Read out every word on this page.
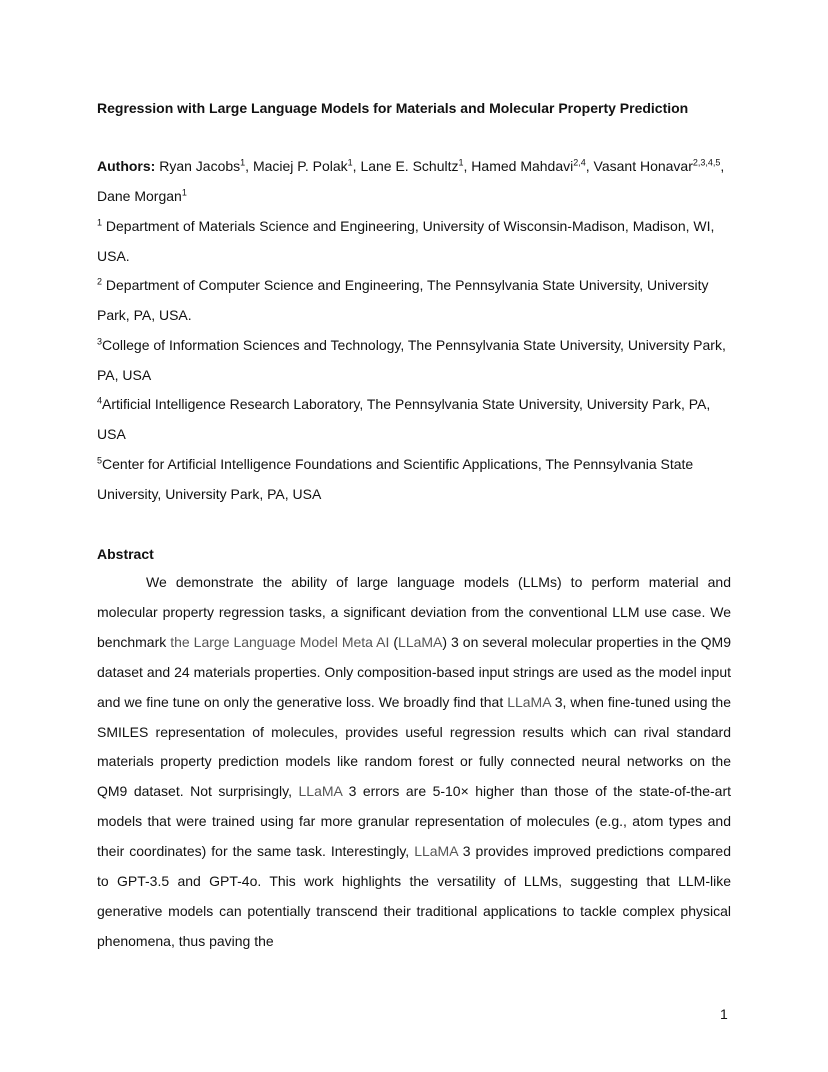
Regression with Large Language Models for Materials and Molecular Property Prediction
Authors: Ryan Jacobs$^1$, Maciej P. Polak$^1$, Lane E. Schultz$^1$, Hamed Mahdavi$^{2,4}$, Vasant Honavar$^{2,3,4,5}$, Dane Morgan$^1$
$^1$ Department of Materials Science and Engineering, University of Wisconsin-Madison, Madison, WI, USA.
$^2$ Department of Computer Science and Engineering, The Pennsylvania State University, University Park, PA, USA.
$^3$College of Information Sciences and Technology, The Pennsylvania State University, University Park, PA, USA
$^4$Artificial Intelligence Research Laboratory, The Pennsylvania State University, University Park, PA, USA
$^5$Center for Artificial Intelligence Foundations and Scientific Applications, The Pennsylvania State University, University Park, PA, USA
Abstract
We demonstrate the ability of large language models (LLMs) to perform material and molecular property regression tasks, a significant deviation from the conventional LLM use case. We benchmark the Large Language Model Meta AI (LLaMA) 3 on several molecular properties in the QM9 dataset and 24 materials properties. Only composition-based input strings are used as the model input and we fine tune on only the generative loss. We broadly find that LLaMA 3, when fine-tuned using the SMILES representation of molecules, provides useful regression results which can rival standard materials property prediction models like random forest or fully connected neural networks on the QM9 dataset. Not surprisingly, LLaMA 3 errors are 5-10× higher than those of the state-of-the-art models that were trained using far more granular representation of molecules (e.g., atom types and their coordinates) for the same task. Interestingly, LLaMA 3 provides improved predictions compared to GPT-3.5 and GPT-4o. This work highlights the versatility of LLMs, suggesting that LLM-like generative models can potentially transcend their traditional applications to tackle complex physical phenomena, thus paving the
1
